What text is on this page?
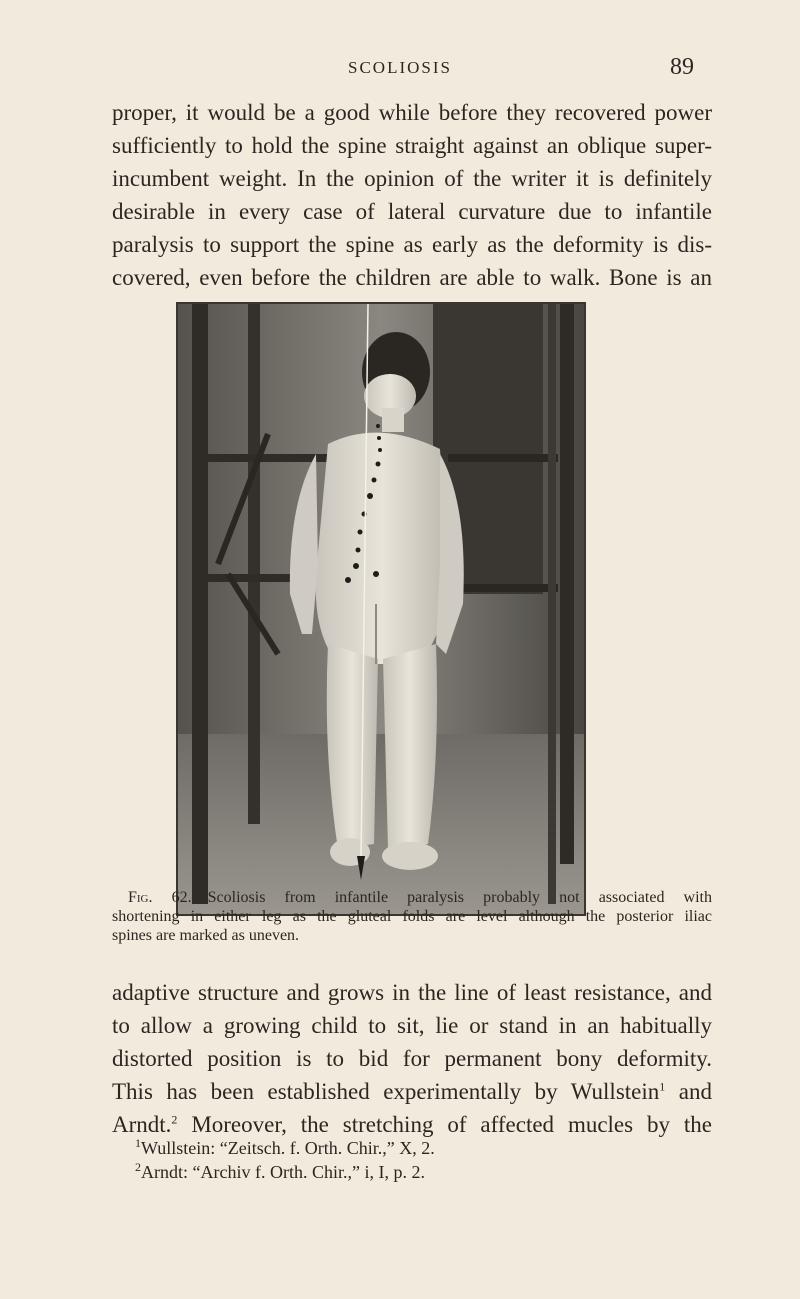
SCOLIOSIS	89
proper, it would be a good while before they recovered power
sufficiently to hold the spine straight against an oblique super-
incumbent weight. In the opinion of the writer it is definitely
desirable in every case of lateral curvature due to infantile
paralysis to support the spine as early as the deformity is dis-
covered, even before the children are able to walk. Bone is an
 Fig. 62.—Scoliosis from infantile paralysis probably not associated with
shortening in either leg as the gluteal folds are level although the posterior iliac
spines are marked as uneven.
adaptive structure and grows in the line of least resistance, and
to allow a growing child to sit, lie or stand in an habitually
distorted position is to bid for permanent bony deformity.
This has been established experimentally by Wullstein$^1$ and
Arndt.$^2$ Moreover, the stretching of affected mucles by the
$^1$Wullstein: “Zeitsch. f. Orth. Chir.,” X, 2.
$^2$Arndt: “Archiv f. Orth. Chir.,” i, I, p. 2.
